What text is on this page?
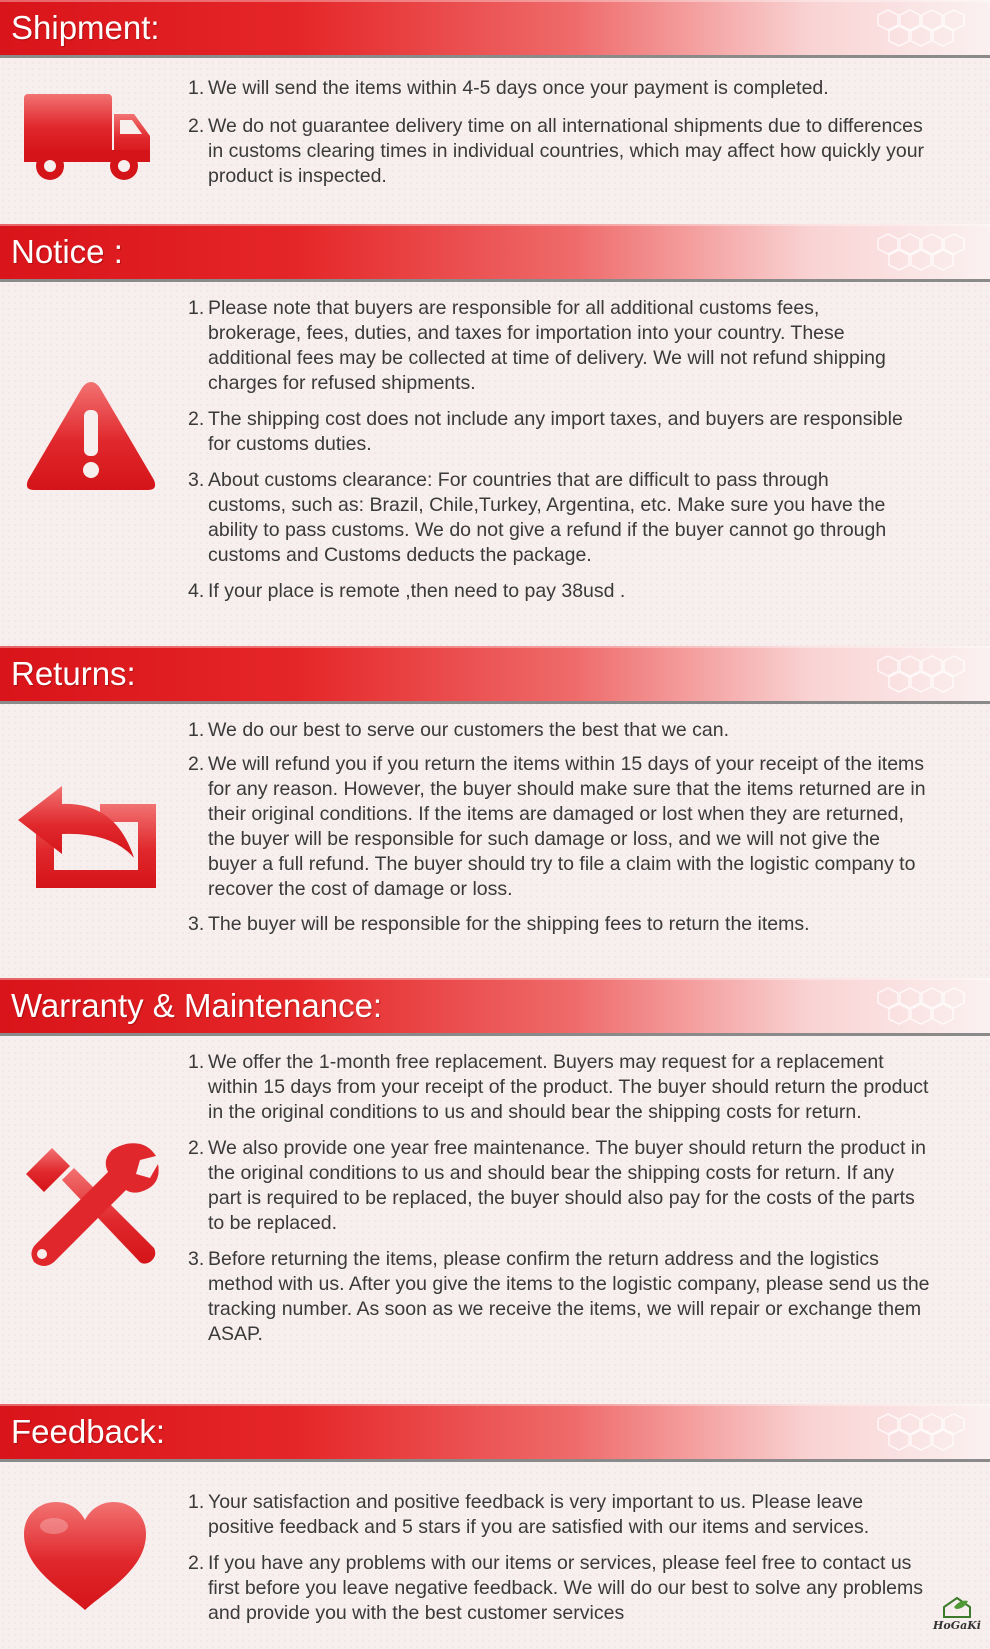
Shipment:
1. We will send the items within 4-5 days once your payment is completed.
2. We do not guarantee delivery time on all international shipments due to differences in customs clearing times in individual countries, which may affect how quickly your product is inspected.
Notice :
1. Please note that buyers are responsible for all additional customs fees, brokerage, fees, duties, and taxes for importation into your country. These additional fees may be collected at time of delivery. We will not refund shipping charges for refused shipments.
2. The shipping cost does not include any import taxes, and buyers are responsible for customs duties.
3. About customs clearance: For countries that are difficult to pass through customs, such as: Brazil, Chile,Turkey, Argentina, etc. Make sure you have the ability to pass customs. We do not give a refund if the buyer cannot go through customs and Customs deducts the package.
4. If your place is remote ,then need to pay 38usd .
Returns:
1. We do our best to serve our customers the best that we can.
2. We will refund you if you return the items within 15 days of your receipt of the items for any reason. However, the buyer should make sure that the items returned are in their original conditions. If the items are damaged or lost when they are returned, the buyer will be responsible for such damage or loss, and we will not give the buyer a full refund. The buyer should try to file a claim with the logistic company to recover the cost of damage or loss.
3. The buyer will be responsible for the shipping fees to return the items.
Warranty & Maintenance:
1. We offer the 1-month free replacement. Buyers may request for a replacement within 15 days from your receipt of the product. The buyer should return the product in the original conditions to us and should bear the shipping costs for return.
2. We also provide one year free maintenance. The buyer should return the product in the original conditions to us and should bear the shipping costs for return. If any part is required to be replaced, the buyer should also pay for the costs of the parts to be replaced.
3. Before returning the items, please confirm the return address and the logistics method with us. After you give the items to the logistic company, please send us the tracking number. As soon as we receive the items, we will repair or exchange them ASAP.
Feedback:
1. Your satisfaction and positive feedback is very important to us. Please leave positive feedback and 5 stars if you are satisfied with our items and services.
2. If you have any problems with our items or services, please feel free to contact us first before you leave negative feedback. We will do our best to solve any problems and provide you with the best customer services
HoGaKi
